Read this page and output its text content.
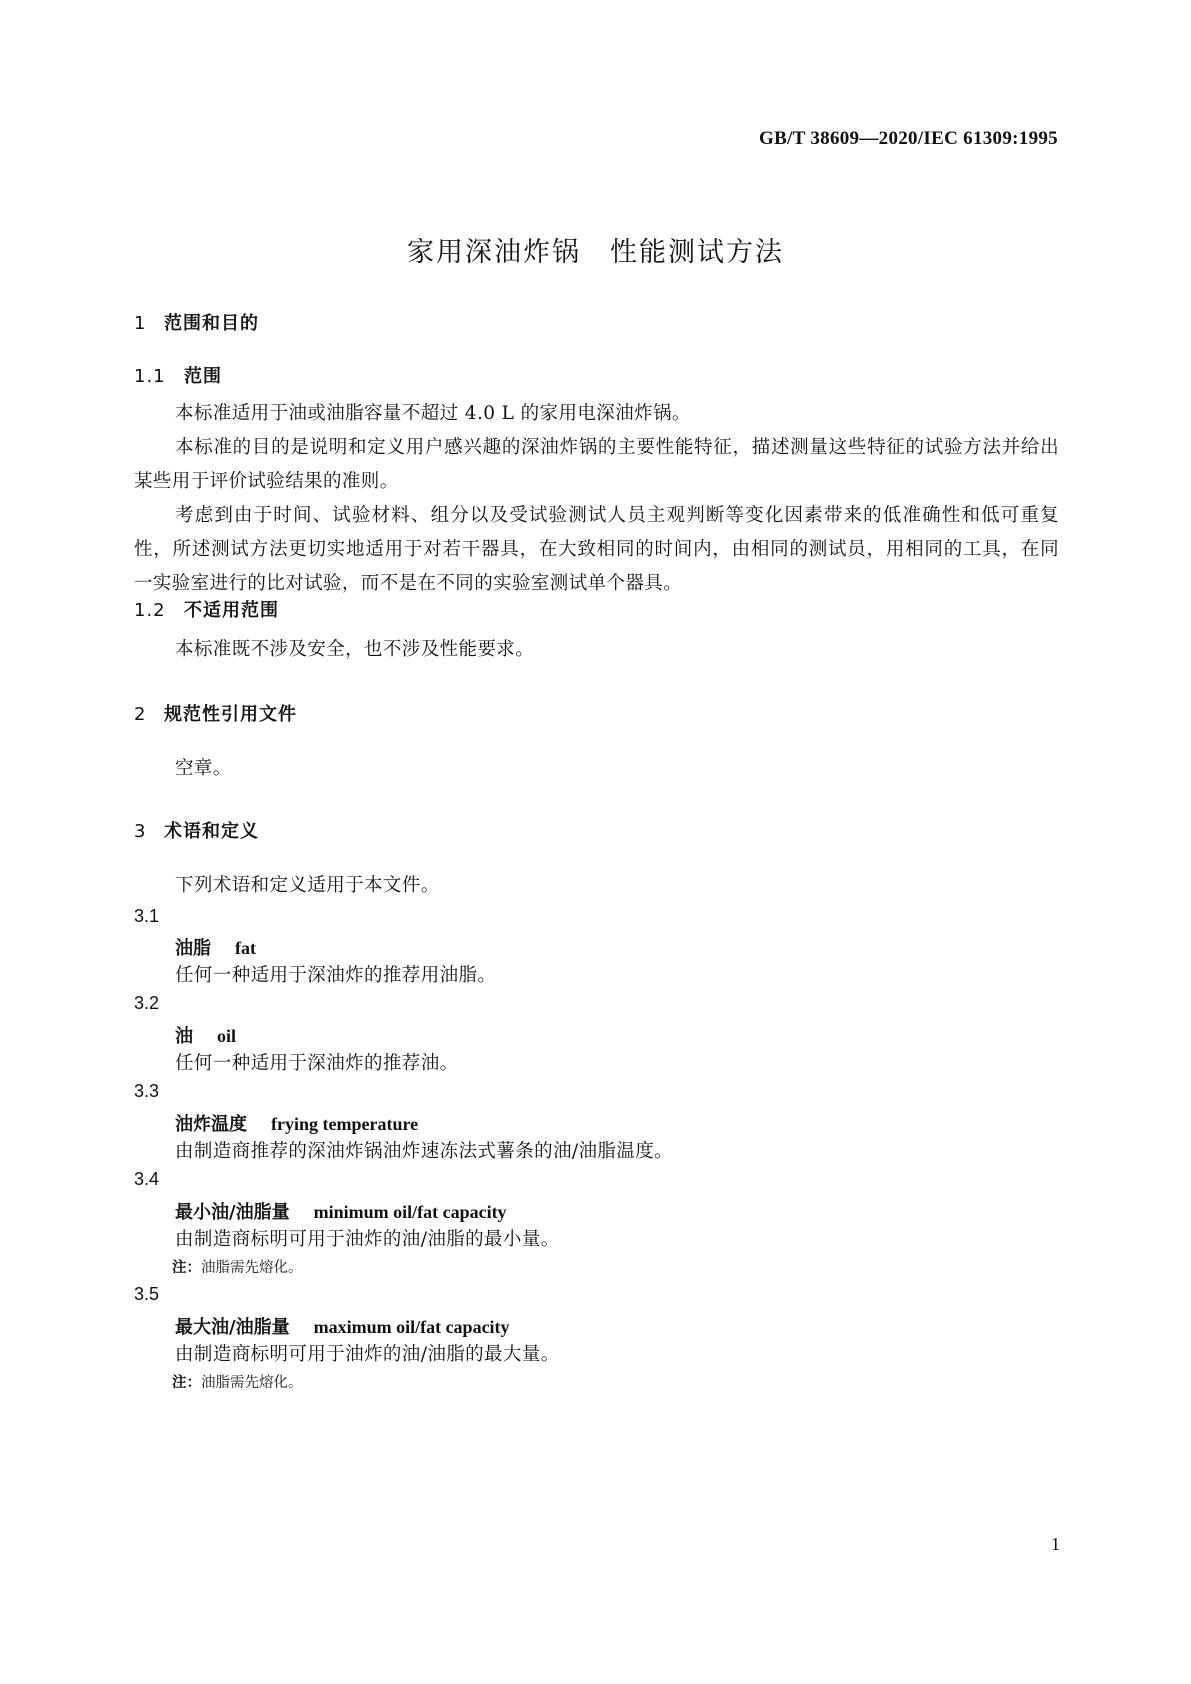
GB/T 38609—2020/IEC 61309:1995
家用深油炸锅　性能测试方法
1 范围和目的
1.1 范围

本标准适用于油或油脂容量不超过 4.0 L 的家用电深油炸锅。

本标准的目的是说明和定义用户感兴趣的深油炸锅的主要性能特征，描述测量这些特征的试验方法并给出某些用于评价试验结果的准则。

考虑到由于时间、试验材料、组分以及受试验测试人员主观判断等变化因素带来的低准确性和低可重复性，所述测试方法更切实地适用于对若干器具，在大致相同的时间内，由相同的测试员，用相同的工具，在同一实验室进行的比对试验，而不是在不同的实验室测试单个器具。

1.2 不适用范围

本标准既不涉及安全，也不涉及性能要求。

2 规范性引用文件

空章。

3 术语和定义

下列术语和定义适用于本文件。

3.1
油脂 fat
任何一种适用于深油炸的推荐用油脂。
3.2
油 oil
任何一种适用于深油炸的推荐油。
3.3
油炸温度 frying temperature
由制造商推荐的深油炸锅油炸速冻法式薯条的油/油脂温度。
3.4
最小油/油脂量 minimum oil/fat capacity
由制造商标明可用于油炸的油/油脂的最小量。
注：油脂需先熔化。
3.5
最大油/油脂量 maximum oil/fat capacity
由制造商标明可用于油炸的油/油脂的最大量。
注：油脂需先熔化。
1
